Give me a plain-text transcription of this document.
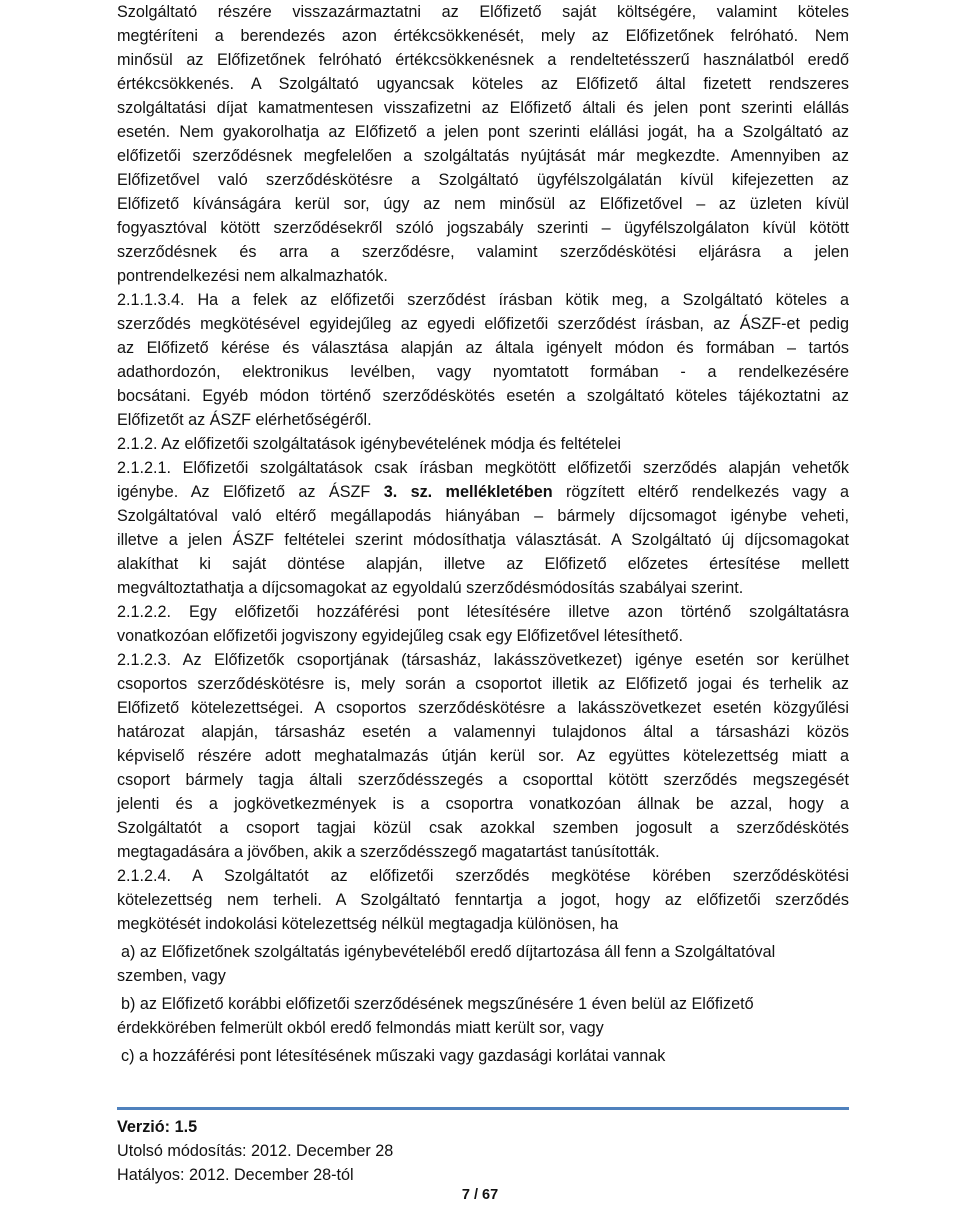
Szolgáltató részére visszazármaztatni az Előfizető saját költségére, valamint köteles
megtéríteni a berendezés azon értékcsökkenését, mely az Előfizetőnek felróható. Nem
minősül az Előfizetőnek felróható értékcsökkenésnek a rendeltetésszerű használatból eredő
értékcsökkenés. A Szolgáltató ugyancsak köteles az Előfizető által fizetett rendszeres
szolgáltatási díjat kamatmentesen visszafizetni az Előfizető általi és jelen pont szerinti elállás
esetén. Nem gyakorolhatja az Előfizető a jelen pont szerinti elállási jogát, ha a Szolgáltató az
előfizetői szerződésnek megfelelően a szolgáltatás nyújtását már megkezdte. Amennyiben az
Előfizetővel való szerződéskötésre a Szolgáltató ügyfélszolgálatán kívül kifejezetten az
Előfizető kívánságára kerül sor, úgy az nem minősül az Előfizetővel – az üzleten kívül
fogyasztóval kötött szerződésekről szóló jogszabály szerinti – ügyfélszolgálaton kívül kötött
szerződésnek és arra a szerződésre, valamint szerződéskötési eljárásra a jelen
pontrendelkezési nem alkalmazhatók.
2.1.1.3.4. Ha a felek az előfizetői szerződést írásban kötik meg, a Szolgáltató köteles a
szerződés megkötésével egyidejűleg az egyedi előfizetői szerződést írásban, az ÁSZF-et pedig
az Előfizető kérése és választása alapján az általa igényelt módon és formában – tartós
adathordozón, elektronikus levélben, vagy nyomtatott formában - a rendelkezésére
bocsátani. Egyéb módon történő szerződéskötés esetén a szolgáltató köteles tájékoztatni az
Előfizetőt az ÁSZF elérhetőségéről.
2.1.2. Az előfizetői szolgáltatások igénybevételének módja és feltételei
2.1.2.1. Előfizetői szolgáltatások csak írásban megkötött előfizetői szerződés alapján vehetők
igénybe. Az Előfizető az ÁSZF 3. sz. mellékletében rögzített eltérő rendelkezés vagy a
Szolgáltatóval való eltérő megállapodás hiányában – bármely díjcsomagot igénybe veheti,
illetve a jelen ÁSZF feltételei szerint módosíthatja választását. A Szolgáltató új díjcsomagokat
alakíthat ki saját döntése alapján, illetve az Előfizető előzetes értesítése mellett
megváltoztathatja a díjcsomagokat az egyoldalú szerződésmódosítás szabályai szerint.
2.1.2.2. Egy előfizetői hozzáférési pont létesítésére illetve azon történő szolgáltatásra
vonatkozóan előfizetői jogviszony egyidejűleg csak egy Előfizetővel létesíthető.
2.1.2.3. Az Előfizetők csoportjának (társasház, lakásszövetkezet) igénye esetén sor kerülhet
csoportos szerződéskötésre is, mely során a csoportot illetik az Előfizető jogai és terhelik az
Előfizető kötelezettségei. A csoportos szerződéskötésre a lakásszövetkezet esetén közgyűlési
határozat alapján, társasház esetén a valamennyi tulajdonos által a társasházi közös
képviselő részére adott meghatalmazás útján kerül sor. Az együttes kötelezettség miatt a
csoport bármely tagja általi szerződésszegés a csoporttal kötött szerződés megszegését
jelenti és a jogkövetkezmények is a csoportra vonatkozóan állnak be azzal, hogy a
Szolgáltatót a csoport tagjai közül csak azokkal szemben jogosult a szerződéskötés
megtagadására a jövőben, akik a szerződésszegő magatartást tanúsították.
2.1.2.4. A Szolgáltatót az előfizetői szerződés megkötése körében szerződéskötési
kötelezettség nem terheli. A Szolgáltató fenntartja a jogot, hogy az előfizetői szerződés
megkötését indokolási kötelezettség nélkül megtagadja különösen, ha
a) az Előfizetőnek szolgáltatás igénybevételéből eredő díjtartozása áll fenn a Szolgáltatóval
szemben, vagy
b) az Előfizető korábbi előfizetői szerződésének megszűnésére 1 éven belül az Előfizető
érdekkörében felmerült okból eredő felmondás miatt került sor, vagy
c) a hozzáférési pont létesítésének műszaki vagy gazdasági korlátai vannak
Verzió: 1.5
Utolsó módosítás: 2012. December 28
Hatályos: 2012. December 28-tól
7 / 67
